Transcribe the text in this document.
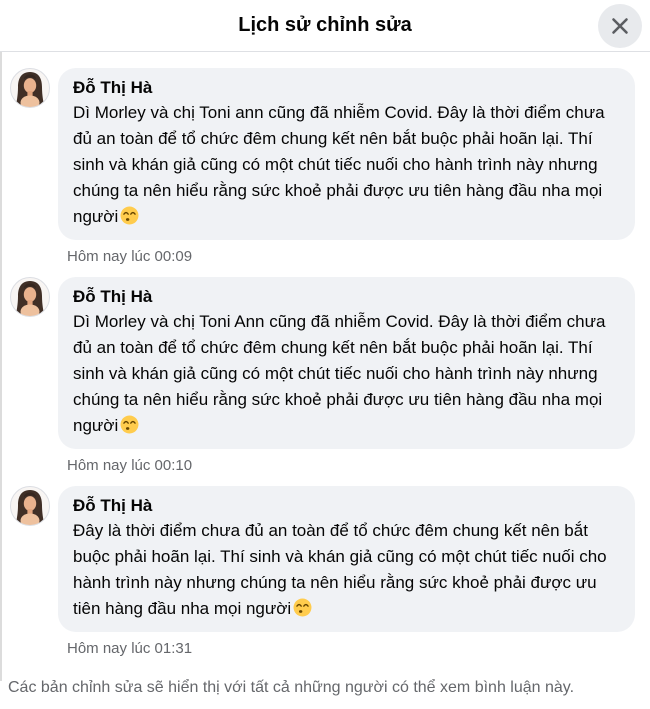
Lịch sử chỉnh sửa
Đỗ Thị Hà
Dì Morley và chị Toni ann cũng đã nhiễm Covid. Đây là thời điểm chưa đủ an toàn để tổ chức đêm chung kết nên bắt buộc phải hoãn lại. Thí sinh và khán giả cũng có một chút tiếc nuối cho hành trình này nhưng chúng ta nên hiểu rằng sức khoẻ phải được ưu tiên hàng đầu nha mọi người
Hôm nay lúc 00:09
Đỗ Thị Hà
Dì Morley và chị Toni Ann cũng đã nhiễm Covid. Đây là thời điểm chưa đủ an toàn để tổ chức đêm chung kết nên bắt buộc phải hoãn lại. Thí sinh và khán giả cũng có một chút tiếc nuối cho hành trình này nhưng chúng ta nên hiểu rằng sức khoẻ phải được ưu tiên hàng đầu nha mọi người
Hôm nay lúc 00:10
Đỗ Thị Hà
Đây là thời điểm chưa đủ an toàn để tổ chức đêm chung kết nên bắt buộc phải hoãn lại. Thí sinh và khán giả cũng có một chút tiếc nuối cho hành trình này nhưng chúng ta nên hiểu rằng sức khoẻ phải được ưu tiên hàng đầu nha mọi người
Hôm nay lúc 01:31
Các bản chỉnh sửa sẽ hiển thị với tất cả những người có thể xem bình luận này.
